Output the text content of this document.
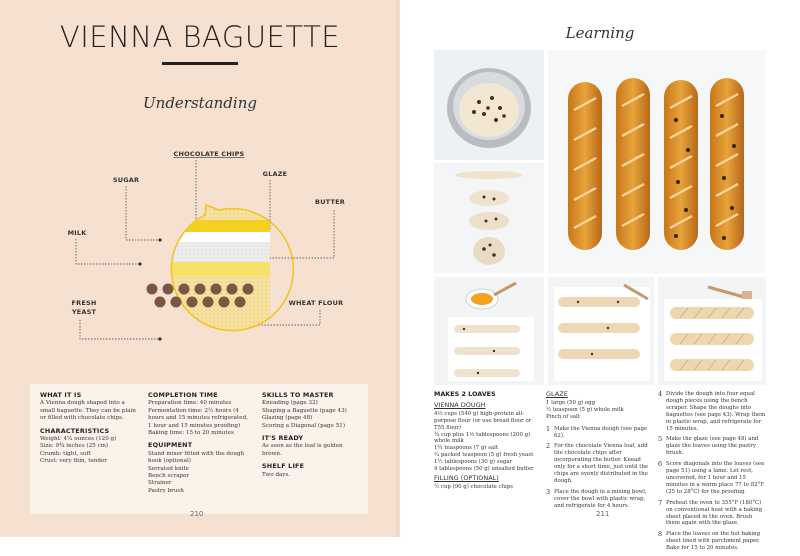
VIENNA BAGUETTE
Understanding
CHOCOLATE CHIPS
SUGAR
GLAZE
BUTTER
MILK
FRESH
YEAST
WHEAT FLOUR
WHAT IT IS

A Vienna dough shaped into a small baguette. They can be plain or filled with chocolate chips.

CHARACTERISTICS
Weight: 4¼ ounces (120 g)
Size: 9¾ inches (25 cm)
Crumb: tight, soft
Crust: very thin, tender
COMPLETION TIME
Preparation time: 40 minutes
Fermentation time: 2½ hours (4 hours and 15 minutes refrigerated, 1 hour and 15 minutes proofing)

Baking time: 15 to 20 minutes

EQUIPMENT
Stand mixer fitted with the dough hook (optional)
Serrated knife
Bench scraper
Strainer
Pastry brush
SKILLS TO MASTER
Kneading (page 32)
Shaping a Baguette (page 43)
Glazing (page 48)

Scoring a Diagonal (page 51)

IT'S READY

As soon as the loaf is golden brown.

SHELF LIFE

Two days.

210
Learning
MAKES 2 LOAVES
VIENNA DOUGH
4⅔ cups (540 g) high-protein all-purpose flour (or use bread flour or T55 flour)
¾ cup plus 1⅓ tablespoons (200 g) whole milk
1¾ teaspoons (7 g) salt
¼ packed teaspoon (5 g) fresh yeast
1½ tablespoons (30 g) sugar
4 tablespoons (50 g) unsalted butter
FILLING (OPTIONAL)
½ cup (90 g) chocolate chips
GLAZE
1 large (50 g) egg
½ teaspoon (5 g) whole milk
Pinch of salt
1 Make the Vienna dough (see page 62).
2 For the chocolate Vienna loaf, add the chocolate chips after incorporating the butter. Knead only for a short time, just until the chips are evenly distributed in the dough.
3 Place the dough in a mixing bowl, cover the bowl with plastic wrap, and refrigerate for 4 hours.
4 Divide the dough into four equal dough pieces using the bench scraper. Shape the doughs into baguettes (see page 43). Wrap them in plastic wrap, and refrigerate for 15 minutes.
5 Make the glaze (see page 48) and glaze the loaves using the pastry brush.
6 Score diagonals into the loaves (see page 51) using a lame. Let rest, uncovered, for 1 hour and 15 minutes in a warm place 77 to 82°F (25 to 28°C) for the proofing.
7 Preheat the oven to 355°F (180°C) on conventional heat with a baking sheet placed in the oven. Brush them again with the glaze.
8 Place the loaves on the hot baking sheet lined with parchment paper. Bake for 15 to 20 minutes.
211
